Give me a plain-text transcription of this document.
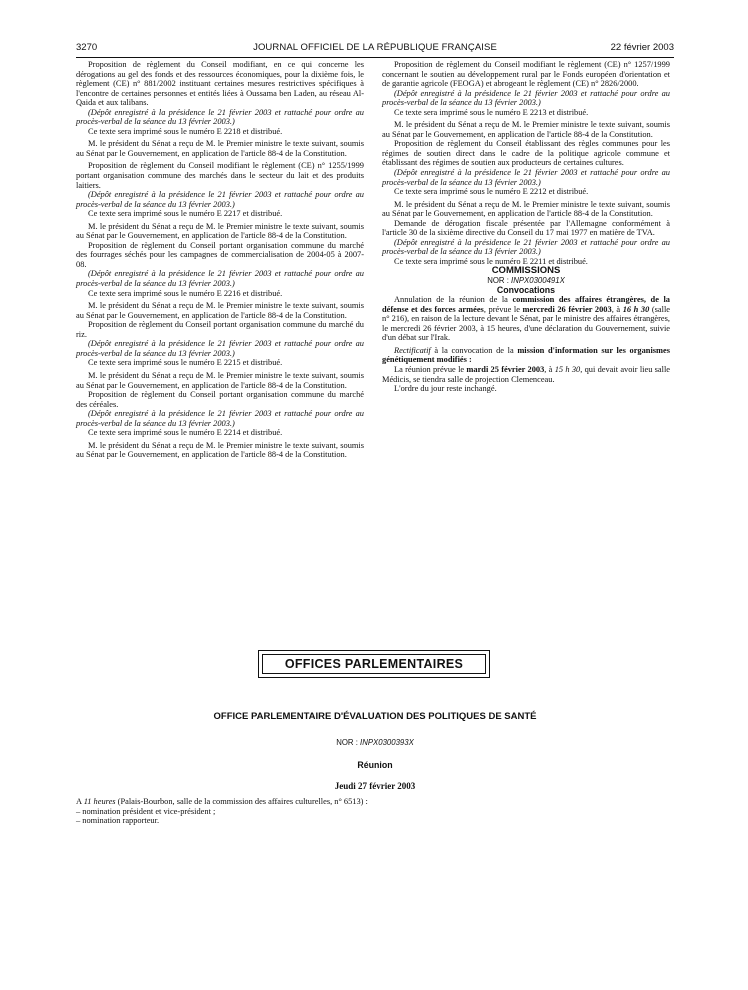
3270	JOURNAL OFFICIEL DE LA RÉPUBLIQUE FRANÇAISE	22 février 2003

Proposition de règlement du Conseil modifiant, en ce qui concerne les dérogations au gel des fonds et des ressources économiques, pour la dixième fois, le règlement (CE) n° 881/2002 instituant certaines mesures restrictives spécifiques à l'encontre de certaines personnes et entités liées à Oussama ben Laden, au réseau Al-Qaida et aux talibans.

(Dépôt enregistré à la présidence le 21 février 2003 et rattaché pour ordre au procès-verbal de la séance du 13 février 2003.)

Ce texte sera imprimé sous le numéro E 2218 et distribué.

M. le président du Sénat a reçu de M. le Premier ministre le texte suivant, soumis au Sénat par le Gouvernement, en application de l'article 88-4 de la Constitution.

Proposition de règlement du Conseil modifiant le règlement (CE) n° 1255/1999 portant organisation commune des marchés dans le secteur du lait et des produits laitiers.

(Dépôt enregistré à la présidence le 21 février 2003 et rattaché pour ordre au procès-verbal de la séance du 13 février 2003.)

Ce texte sera imprimé sous le numéro E 2217 et distribué.

M. le président du Sénat a reçu de M. le Premier ministre le texte suivant, soumis au Sénat par le Gouvernement, en application de l'article 88-4 de la Constitution.

Proposition de règlement du Conseil portant organisation commune du marché des fourrages séchés pour les campagnes de commercialisation de 2004-05 à 2007-08.

(Dépôt enregistré à la présidence le 21 février 2003 et rattaché pour ordre au procès-verbal de la séance du 13 février 2003.)

Ce texte sera imprimé sous le numéro E 2216 et distribué.

M. le président du Sénat a reçu de M. le Premier ministre le texte suivant, soumis au Sénat par le Gouvernement, en application de l'article 88-4 de la Constitution.

Proposition de règlement du Conseil portant organisation commune du marché du riz.

(Dépôt enregistré à la présidence le 21 février 2003 et rattaché pour ordre au procès-verbal de la séance du 13 février 2003.)

Ce texte sera imprimé sous le numéro E 2215 et distribué.

M. le président du Sénat a reçu de M. le Premier ministre le texte suivant, soumis au Sénat par le Gouvernement, en application de l'article 88-4 de la Constitution.

Proposition de règlement du Conseil portant organisation commune du marché des céréales.

(Dépôt enregistré à la présidence le 21 février 2003 et rattaché pour ordre au procès-verbal de la séance du 13 février 2003.)

Ce texte sera imprimé sous le numéro E 2214 et distribué.

M. le président du Sénat a reçu de M. le Premier ministre le texte suivant, soumis au Sénat par le Gouvernement, en application de l'article 88-4 de la Constitution.

Proposition de règlement du Conseil modifiant le règlement (CE) n° 1257/1999 concernant le soutien au développement rural par le Fonds européen d'orientation et de garantie agricole (FEOGA) et abrogeant le règlement (CE) n° 2826/2000.

(Dépôt enregistré à la présidence le 21 février 2003 et rattaché pour ordre au procès-verbal de la séance du 13 février 2003.)

Ce texte sera imprimé sous le numéro E 2213 et distribué.

M. le président du Sénat a reçu de M. le Premier ministre le texte suivant, soumis au Sénat par le Gouvernement, en application de l'article 88-4 de la Constitution.

Proposition de règlement du Conseil établissant des règles communes pour les régimes de soutien direct dans le cadre de la politique agricole commune et établissant des régimes de soutien aux producteurs de certaines cultures.

(Dépôt enregistré à la présidence le 21 février 2003 et rattaché pour ordre au procès-verbal de la séance du 13 février 2003.)

Ce texte sera imprimé sous le numéro E 2212 et distribué.

M. le président du Sénat a reçu de M. le Premier ministre le texte suivant, soumis au Sénat par le Gouvernement, en application de l'article 88-4 de la Constitution.

Demande de dérogation fiscale présentée par l'Allemagne conformément à l'article 30 de la sixième directive du Conseil du 17 mai 1977 en matière de TVA.

(Dépôt enregistré à la présidence le 21 février 2003 et rattaché pour ordre au procès-verbal de la séance du 13 février 2003.)

Ce texte sera imprimé sous le numéro E 2211 et distribué.

COMMISSIONS

NOR : INPX0300491X

Convocations

Annulation de la réunion de la commission des affaires étrangères, de la défense et des forces armées, prévue le mercredi 26 février 2003, à 16 h 30 (salle n° 216), en raison de la lecture devant le Sénat, par le ministre des affaires étrangères, le mercredi 26 février 2003, à 15 heures, d'une déclaration du Gouvernement, suivie d'un débat sur l'Irak.

Rectificatif à la convocation de la mission d'information sur les organismes génétiquement modifiés :

La réunion prévue le mardi 25 février 2003, à 15 h 30, qui devait avoir lieu salle Médicis, se tiendra salle de projection Clemenceau.

L'ordre du jour reste inchangé.

OFFICES PARLEMENTAIRES
OFFICE PARLEMENTAIRE D'ÉVALUATION DES POLITIQUES DE SANTÉ
NOR : INPX0300393X
Réunion
Jeudi 27 février 2003

A 11 heures (Palais-Bourbon, salle de la commission des affaires culturelles, n° 6513) :

– nomination président et vice-président ;

– nomination rapporteur.
